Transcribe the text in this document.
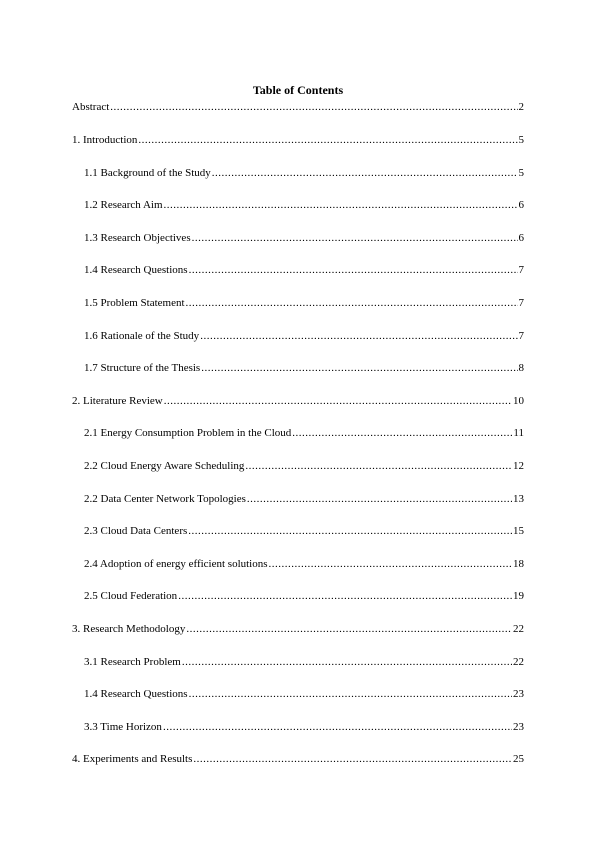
Table of Contents
Abstract .....	2
1. Introduction .....	5
1.1 Background of the Study .....	5
1.2 Research Aim .....	6
1.3 Research Objectives .....	6
1.4 Research Questions .....	7
1.5 Problem Statement .....	7
1.6 Rationale of the Study .....	7
1.7 Structure of the Thesis .....	8
2. Literature Review .....	10
2.1 Energy Consumption Problem in the Cloud .....	11
2.2 Cloud Energy Aware Scheduling .....	12
2.2 Data Center Network Topologies .....	13
2.3 Cloud Data Centers .....	15
2.4 Adoption of energy efficient solutions .....	18
2.5 Cloud Federation .....	19
3. Research Methodology .....	22
3.1 Research Problem .....	22
1.4 Research Questions .....	23
3.3 Time Horizon .....	23
4. Experiments and Results .....	25
